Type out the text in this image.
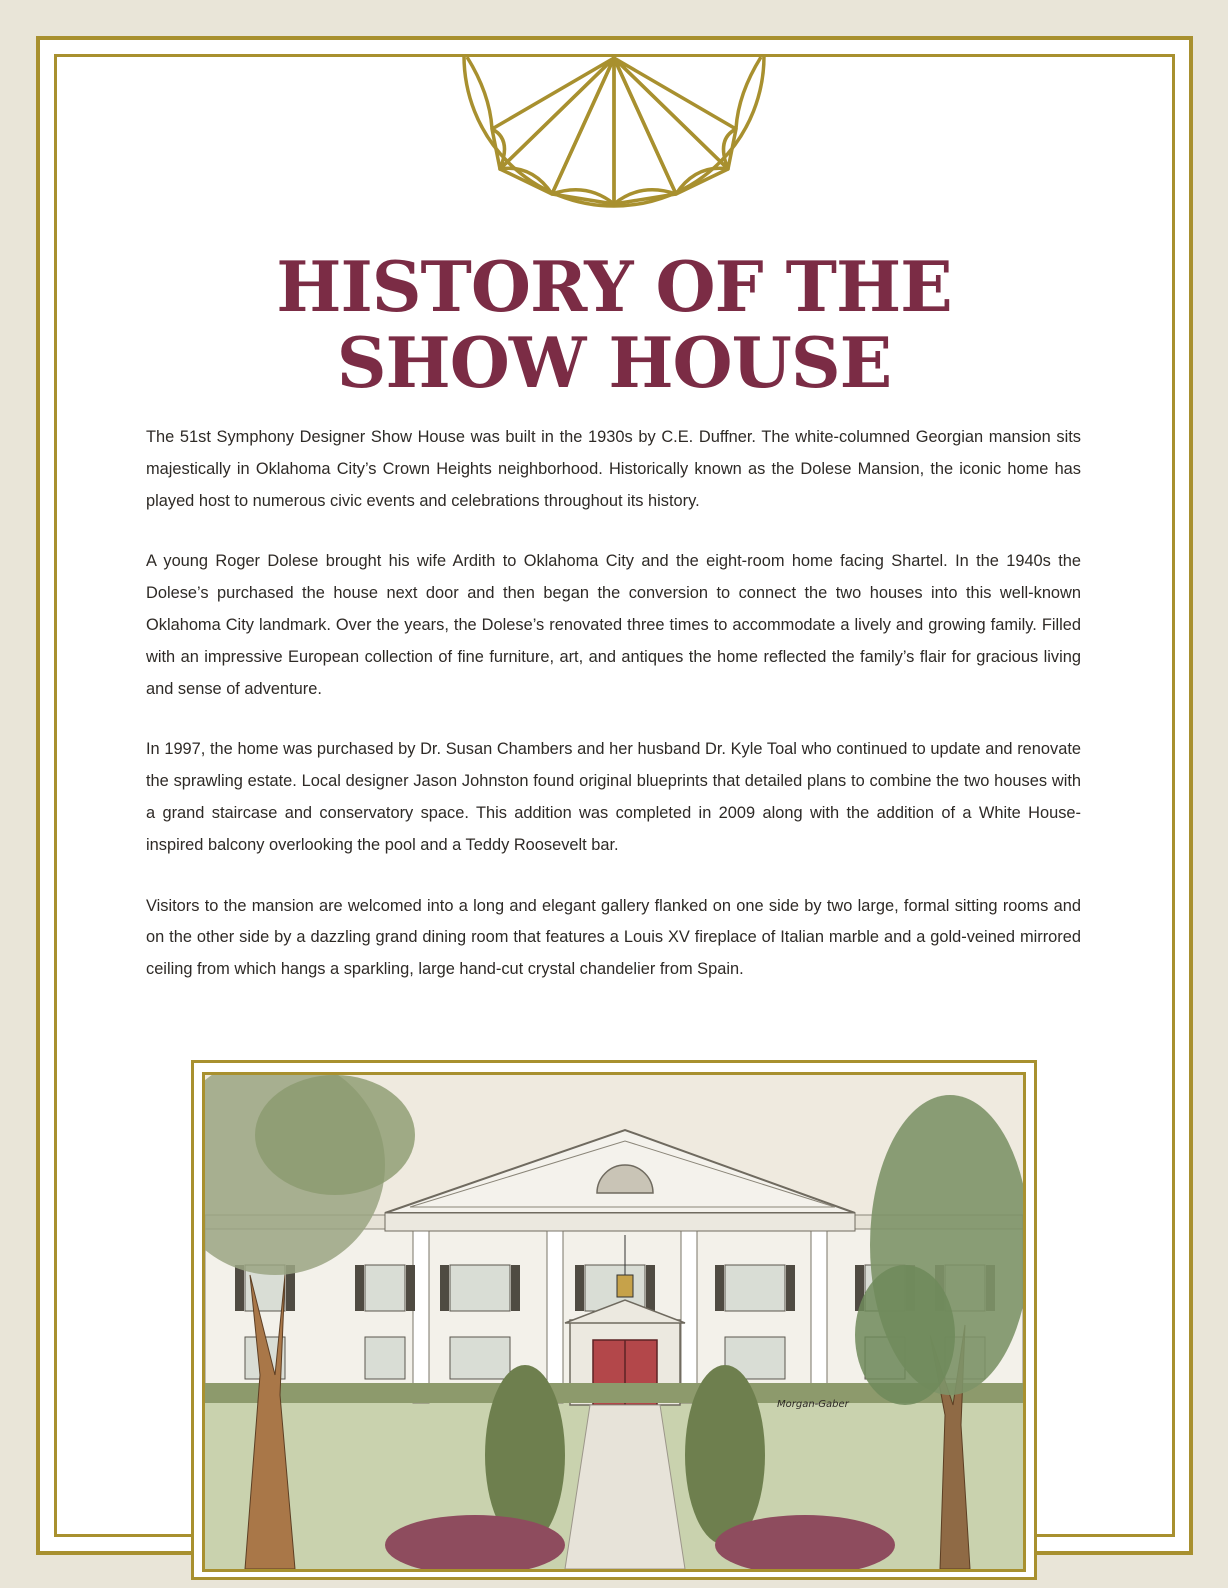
HISTORY OF THE
SHOW HOUSE

The 51st Symphony Designer Show House was built in the 1930s by C.E. Duffner. The white-columned Georgian mansion sits majestically in Oklahoma City’s Crown Heights neighborhood. Historically known as the Dolese Mansion, the iconic home has played host to numerous civic events and celebrations throughout its history.

A young Roger Dolese brought his wife Ardith to Oklahoma City and the eight-room home facing Shartel. In the 1940s the Dolese’s purchased the house next door and then began the conversion to connect the two houses into this well-known Oklahoma City landmark. Over the years, the Dolese’s renovated three times to accommodate a lively and growing family. Filled with an impressive European collection of fine furniture, art, and antiques the home reflected the family’s flair for gracious living and sense of adventure.

In 1997, the home was purchased by Dr. Susan Chambers and her husband Dr. Kyle Toal who continued to update and renovate the sprawling estate. Local designer Jason Johnston found original blueprints that detailed plans to combine the two houses with a grand staircase and conservatory space. This addition was completed in 2009 along with the addition of a White House-inspired balcony overlooking the pool and a Teddy Roosevelt bar.

Visitors to the mansion are welcomed into a long and elegant gallery flanked on one side by two large, formal sitting rooms and on the other side by a dazzling grand dining room that features a Louis XV fireplace of Italian marble and a gold-veined mirrored ceiling from which hangs a sparkling, large hand-cut crystal chandelier from Spain.

Morgan-Gaber
